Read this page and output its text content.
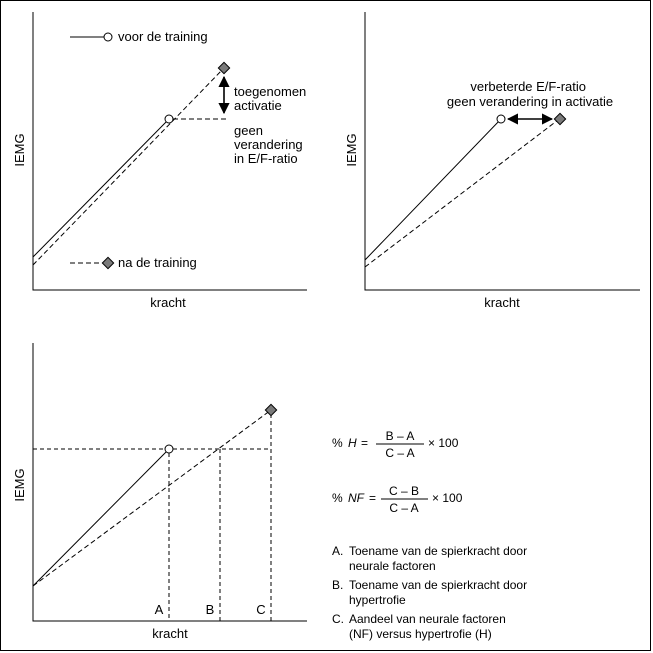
IEMG
kracht
voor de training
na de training
toegenomen activatie
geen verandering in E/F-ratio	IEMG
kracht
verbeterde E/F-ratio geen verandering in activatie
IEMG
kracht
A	B	C
% H = B – A
C – A
× 100
% NF = C – B
C – A
× 100
A. Toename van de spierkracht door neurale factoren
B. Toename van de spierkracht door hypertrofie
C. Aandeel van neurale factoren (NF) versus hypertrofie (H)
